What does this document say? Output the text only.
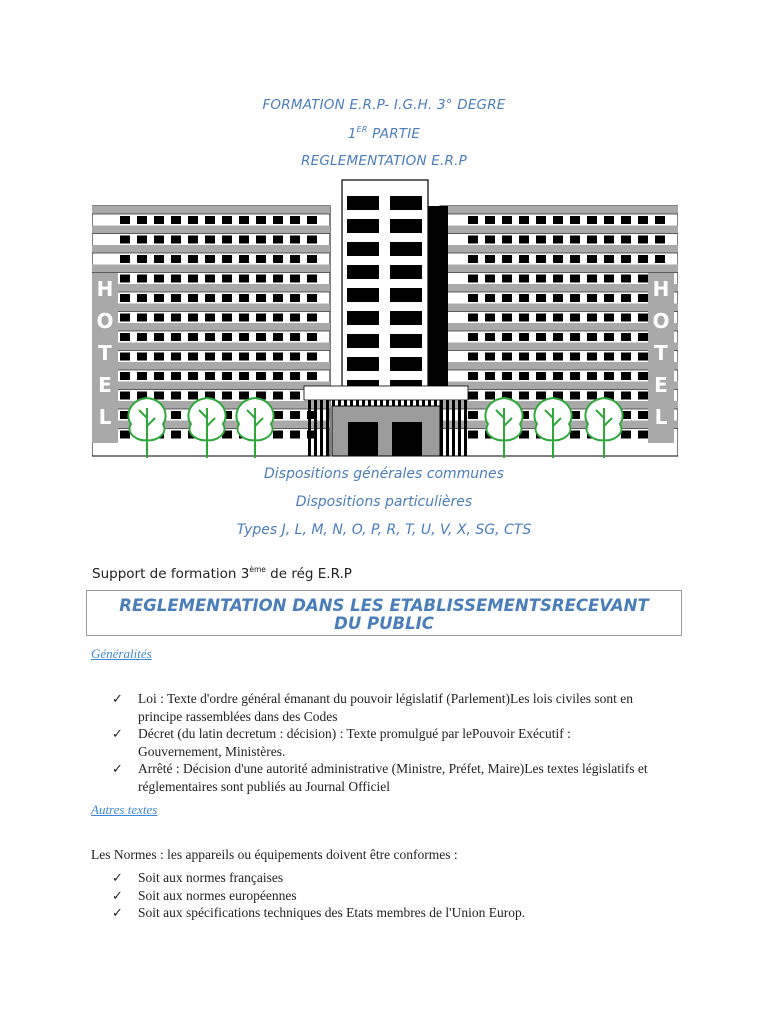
FORMATION E.R.P- I.G.H. 3° DEGRE
1ER PARTIE
REGLEMENTATION E.R.P
H
O
T
E
L
H
O
T
E
L
Dispositions générales communes
Dispositions particulières
Types J, L, M, N, O, P, R, T, U, V, X, SG, CTS
Support de formation 3ème de rég E.R.P
REGLEMENTATION DANS LES ETABLISSEMENTSRECEVANT
DU PUBLIC
Généralités
✓ Loi : Texte d'ordre général émanant du pouvoir législatif (Parlement)Les lois civiles sont en principe rassemblées dans des Codes
✓ Décret (du latin decretum : décision) : Texte promulgué par lePouvoir Exécutif : Gouvernement, Ministères.
✓ Arrêté : Décision d'une autorité administrative (Ministre, Préfet, Maire)Les textes législatifs et réglementaires sont publiés au Journal Officiel
Autres textes
Les Normes : les appareils ou équipements doivent être conformes :
✓ Soit aux normes françaises
✓ Soit aux normes européennes
✓ Soit aux spécifications techniques des Etats membres de l'Union Europ.
